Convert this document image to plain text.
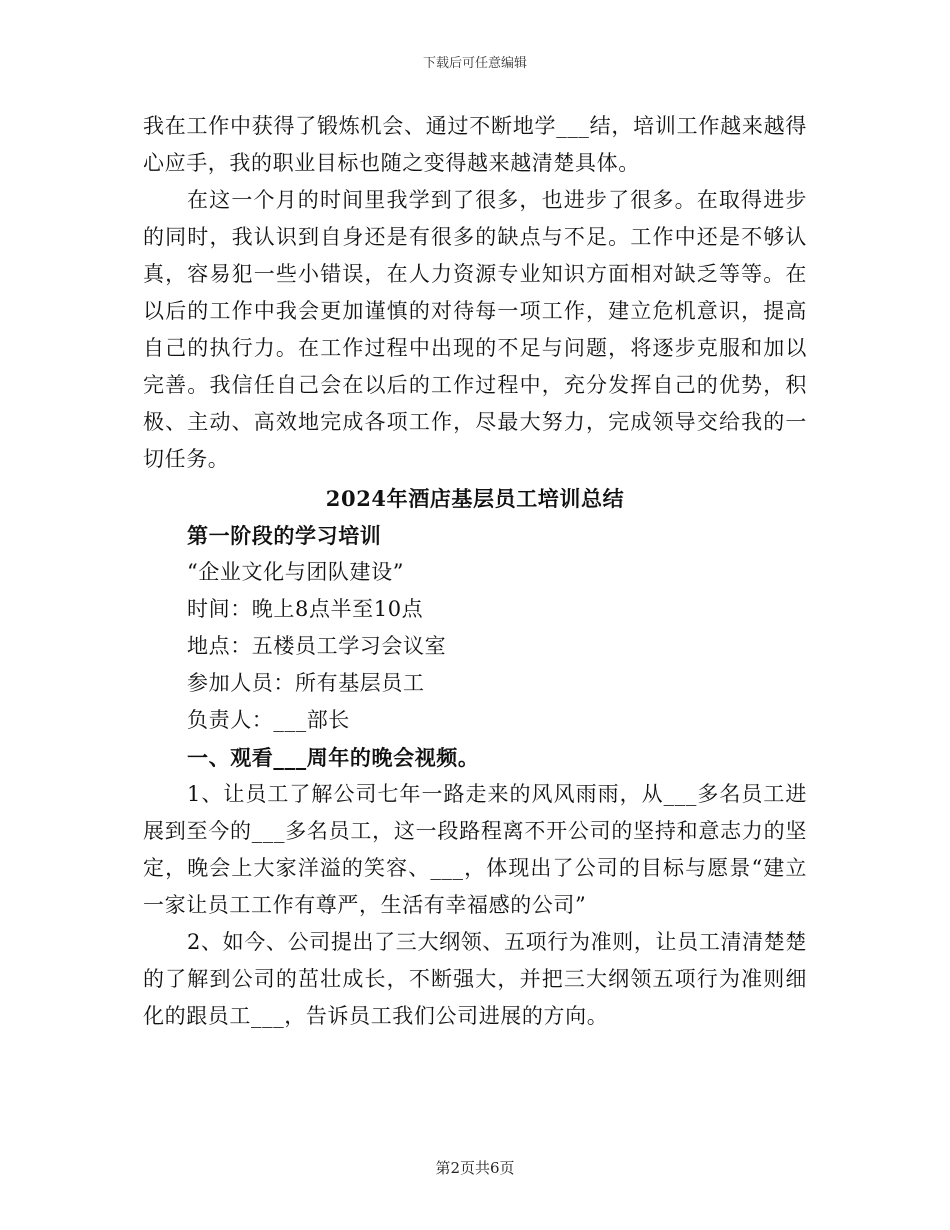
下载后可任意编辑
我在工作中获得了锻炼机会、通过不断地学___结，培训工作越来越得
心应手，我的职业目标也随之变得越来越清楚具体。
在这一个月的时间里我学到了很多，也进步了很多。在取得进步
的同时，我认识到自身还是有很多的缺点与不足。工作中还是不够认
真，容易犯一些小错误，在人力资源专业知识方面相对缺乏等等。在
以后的工作中我会更加谨慎的对待每一项工作，建立危机意识，提高
自己的执行力。在工作过程中出现的不足与问题，将逐步克服和加以
完善。我信任自己会在以后的工作过程中，充分发挥自己的优势，积
极、主动、高效地完成各项工作，尽最大努力，完成领导交给我的一
切任务。
2024年酒店基层员工培训总结
第一阶段的学习培训
“企业文化与团队建设”
时间：晚上8点半至10点
地点：五楼员工学习会议室
参加人员：所有基层员工
负责人：___部长
一、观看___周年的晚会视频。
1、让员工了解公司七年一路走来的风风雨雨，从___多名员工进
展到至今的___多名员工，这一段路程离不开公司的坚持和意志力的坚
定，晚会上大家洋溢的笑容、___，体现出了公司的目标与愿景“建立
一家让员工工作有尊严，生活有幸福感的公司”
2、如今、公司提出了三大纲领、五项行为准则，让员工清清楚楚
的了解到公司的茁壮成长，不断强大，并把三大纲领五项行为准则细
化的跟员工___，告诉员工我们公司进展的方向。
第2页共6页
